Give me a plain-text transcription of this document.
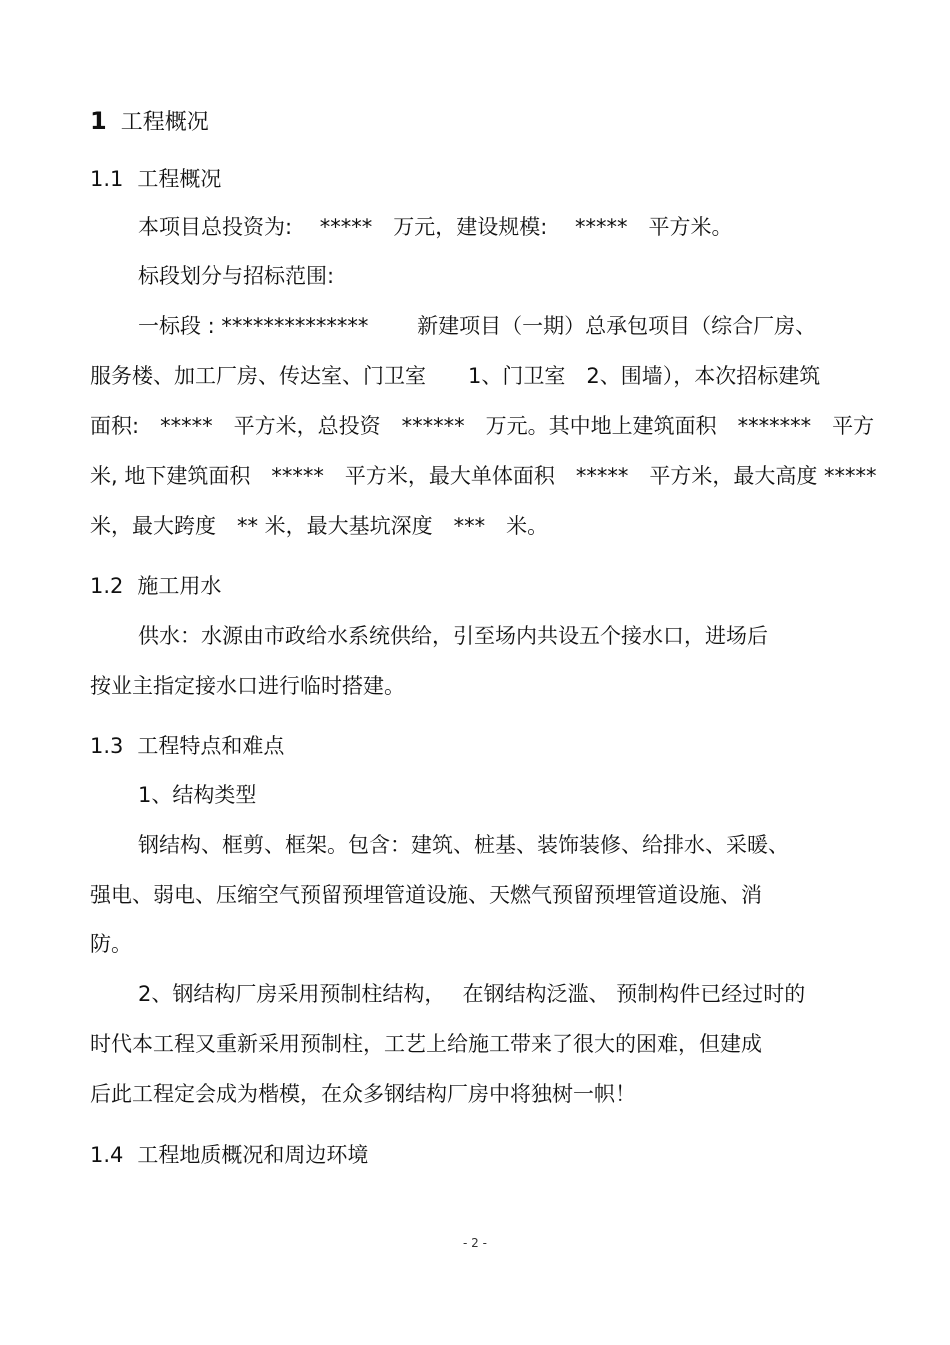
1 工程概况
1.1 工程概况
本项目总投资为:　 *****　万元，建设规模:　 *****　平方米。
标段划分与招标范围:
一标段 : **************　　 新建项目（一期）总承包项目（综合厂房、
服务楼、加工厂房、传达室、门卫室　　1、门卫室　2、围墙），本次招标建筑
面积:　*****　平方米，总投资　******　万元。其中地上建筑面积　*******　平方
米, 地下建筑面积　*****　平方米，最大单体面积　*****　平方米，最大高度 *****
米，最大跨度　** 米，最大基坑深度　***　米。
1.2 施工用水
供水：水源由市政给水系统供给，引至场内共设五个接水口，进场后
按业主指定接水口进行临时搭建。
1.3 工程特点和难点
1、结构类型
钢结构、框剪、框架。包含：建筑、桩基、装饰装修、给排水、采暖、
强电、弱电、压缩空气预留预埋管道设施、天燃气预留预埋管道设施、消
防。
2、钢结构厂房采用预制柱结构，　 在钢结构泛滥、 预制构件已经过时的
时代本工程又重新采用预制柱，工艺上给施工带来了很大的困难，但建成
后此工程定会成为楷模，在众多钢结构厂房中将独树一帜！
1.4 工程地质概况和周边环境
- 2 -
